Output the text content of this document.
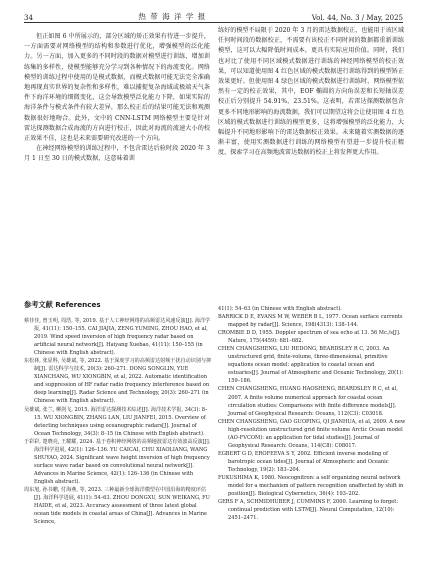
34	热 带 海 洋 学 报	Vol. 44, No. 3 / May, 2025

但正如图 6 中所展示的，部分区域的矫正效果有待进一步提升，一方面需要对网络模型的结构和参数进行优化，增强模型的泛化能力。另一方面，加入更多的不同时段的数据对模型进行训练，增加训练集的多样性，使模型能够充分学习到各种情况下的海流变化。网络模型的训练过程中使用的是模式数据，而模式数据可能无法完全准确地再现真实世界的复杂性和多样性，难以捕捉复杂海域或极端天气条件下海洋环境的细微变化，这会导致模型泛化能力下降，如果实际的海洋条件与模式条件有较大差异，那么校正后的结果可能无法和观测数据很好地吻合。此外，文中的 CNN-LSTM 网络模型主要是针对雷达探测数据合成海流的方向进行校正，因此对海流的流速大小的校正效果不佳，这也是未来需要研究改进的一个方向。

在神经网络模型的训练过程中，不包含雷达后验时段 2020 年 3 月 1 日至 30 日的模式数据，这意味着训

练好的模型不局限于 2020 年 3 月的雷达数据校正，也能用于该区域任何时间段的数据校正，不需要有该校正不同时间的数据都重新训练模型，这可以大幅降低时间成本，更具有实际应用价值。同时，我们也对比了使用不同区域模式数据进行训练的神经网络模型的校正效果，可以知道使用图 4 红色区域的模式数据进行训练得到的模型矫正效果更好。但使用图 4 绿色区域的模式数据进行训练时，网络模型依然有一定的校正效果，其中，EOF 椭圆的方向角误差和长短轴误差校正后分别提升 54.91%、23.51%。这表明，若雷达探测数据包含更多不同地形影响的海流数据，我们可以期望这将会让使用图 4 红色区域的模式数据进行训练的模型更多，这将增强模型的泛化能力，大幅提升不同地形影响下的雷达数据校正效果。未来随着实测数据的逐渐丰富，使用实测数据进行训练的网络模型有望进一步提升校正精度，探索学习在高频地波雷达数据的校正上将发挥更大作用。

参考文献 References

蔡佳佳, 曾玉明, 周浩, 等, 2019. 基于人工神经网络的高频雷达风速反演[J]. 海洋学报, 41(11): 150–155. CAI JIAJIA, ZENG YUMING, ZHOU HAO, et al, 2019. Wind speed inversion of high frequency radar based on artificial neural network[J]. Haiyang Xuebao, 41(11): 150–155 (in Chinese with English abstract).

东松林, 张显科, 吴雄斌, 等, 2022. 基于深度学习的高频雷达射频干扰自动识别与抑制[J]. 雷达科学与技术, 20(3): 260–271. DONG SONGLIN, YUE XIANCHANG, WU XIONGBIN, et al, 2022. Automatic identification and suppression of HF radar radio frequency interference based on deep learning[J]. Radar Science and Technology, 20(3): 260–271 (in Chinese with English abstract).

吴雄斌, 张兰, 柳剑飞, 2015. 海洋雷达探测技术综述[J]. 海洋技术学报, 34(3): 8–15. WU XIONGBIN, ZHANG LAN, LIU JIANFEI, 2015. Overview of detecting techniques using oceanographic radars[J]. Journal of Ocean Technology, 34(3): 8–15 (in Chinese with English abstract).

于彩彩, 楚晓亮, 王耀耀, 2024. 基于卷积神经网络的高频地波雷达有效波高反演[J]. 海洋科学进展, 42(1): 126–136. YU CAICAI, CHU XIAOLIANG, WANG SHUYAO, 2024. Significant wave height inversion of high frequency surface wave radar based on convolutional neural network[J]. Advances in Marine Science, 42(1): 126–136 (in Chinese with English abstract).

周东旭, 孙书鹏, 付海燕, 等, 2023. 三种最新全球海洋模型在中国沿海的精度评估[J]. 海洋科学进展, 41(1): 54–63. ZHOU DONGXU, SUN WEIKANG, FU HAIDE, et al, 2023. Accuracy assessment of three latest global ocean tide models in coastal areas of China[J]. Advances in Marine Science,

41(1): 54–63 (in Chinese with English abstract).

BARRICK D E, EVANS M W, WEBER B L, 1977. Ocean surface currents mapped by radar[J]. Science, 198(4313): 138–144.

CROMBIE D D, 1955. Doppler spectrum of sea echo at 13. 56 Mc./s[J]. Nature, 175(4459): 681–682.

CHEN CHANGSHENG, LIU HEDONG, BEARDSLEY R C, 2003. An unstructured grid, finite-volume, three-dimensional, primitive equations ocean model: application to coastal ocean and estuaries[J]. Journal of Atmospheric and Oceanic Technology, 20(1): 159–186.

CHEN CHANGSHENG, HUANG HAOSHENG, BEARDSLEY R C, et al, 2007. A finite volume numerical approach for coastal ocean circulation studies: Comparisons with finite difference models[J]. Journal of Geophysical Research: Oceans, 112(C3): C03018.

CHEN CHANGSHENG, GAO GUOPING, QI JIANHUA, et al, 2009. A new high-resolution unstructured grid finite volume Arctic Ocean model (AO-FVCOM): an application for tidal studies[J]. Journal of Geophysical Research: Oceans, 114(C8): C08017.

EGBERT G D, EROFEEVA S Y, 2002. Efficient inverse modeling of barotropic ocean tides[J]. Journal of Atmospheric and Oceanic Technology, 19(2): 183–204.

FUKUSHIMA K, 1980. Neocognitron: a self organizing neural network model for a mechanism of pattern recognition unaffected by shift in position[J]. Biological Cybernetics, 36(4): 193–202.

GERS F A, SCHMIDHUBER J, CUMMINS F, 2000. Learning to forget: continual prediction with LSTM[J]. Neural Computation, 12(10): 2451–2471.
